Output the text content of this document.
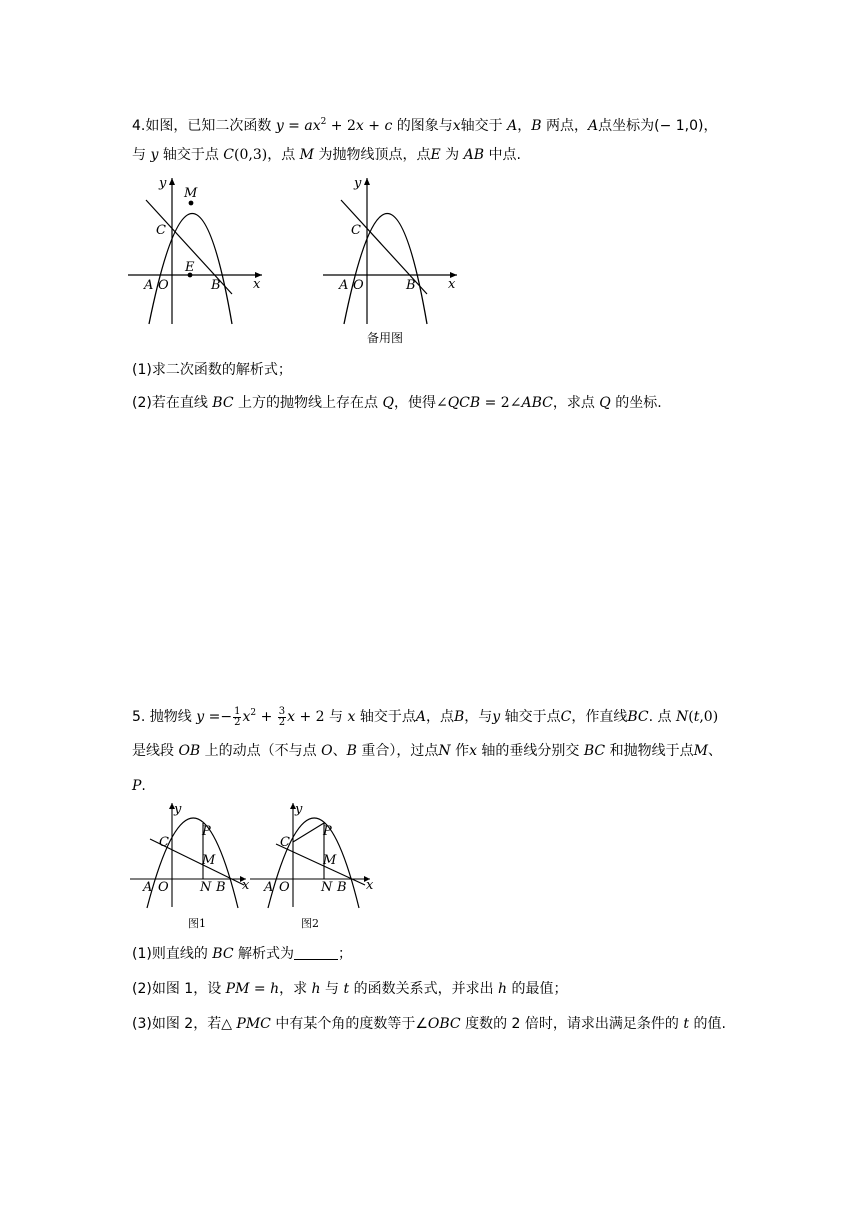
4.如图，已知二次函数 $y = ax^2 + 2x + c$ 的图象与x轴交于 A，B 两点，A点坐标为(− 1,0)，
与 y 轴交于点 C(0,3)，点 M 为抛物线顶点，点E 为 AB 中点.
y
M
C
E
A O	B x
y
C
A O	B x
备用图
(1)求二次函数的解析式；
(2)若在直线 BC 上方的抛物线上存在点 Q，使得∠QCB = 2∠ABC，求点 Q 的坐标.
5. 抛物线 $y =- \frac{1}{2} x^2 + \frac{3}{2}$ x + 2 与 x 轴交于点A，点B，与y 轴交于点C，作直线BC. 点 N(t,0)
是线段 OB 上的动点（不与点 O、B 重合），过点N 作x 轴的垂线分别交 BC 和抛物线于点M、
P.
y
P
C
M
A O N B x
图1
y
P
C
M
A O N B x
图2
(1)则直线的 BC 解析式为	；
(2)如图 1，设 PM = h，求 h 与 t 的函数关系式，并求出 h 的最值；
(3)如图 2，若△ PMC 中有某个角的度数等于∠OBC 度数的 2 倍时，请求出满足条件的 t 的值.
